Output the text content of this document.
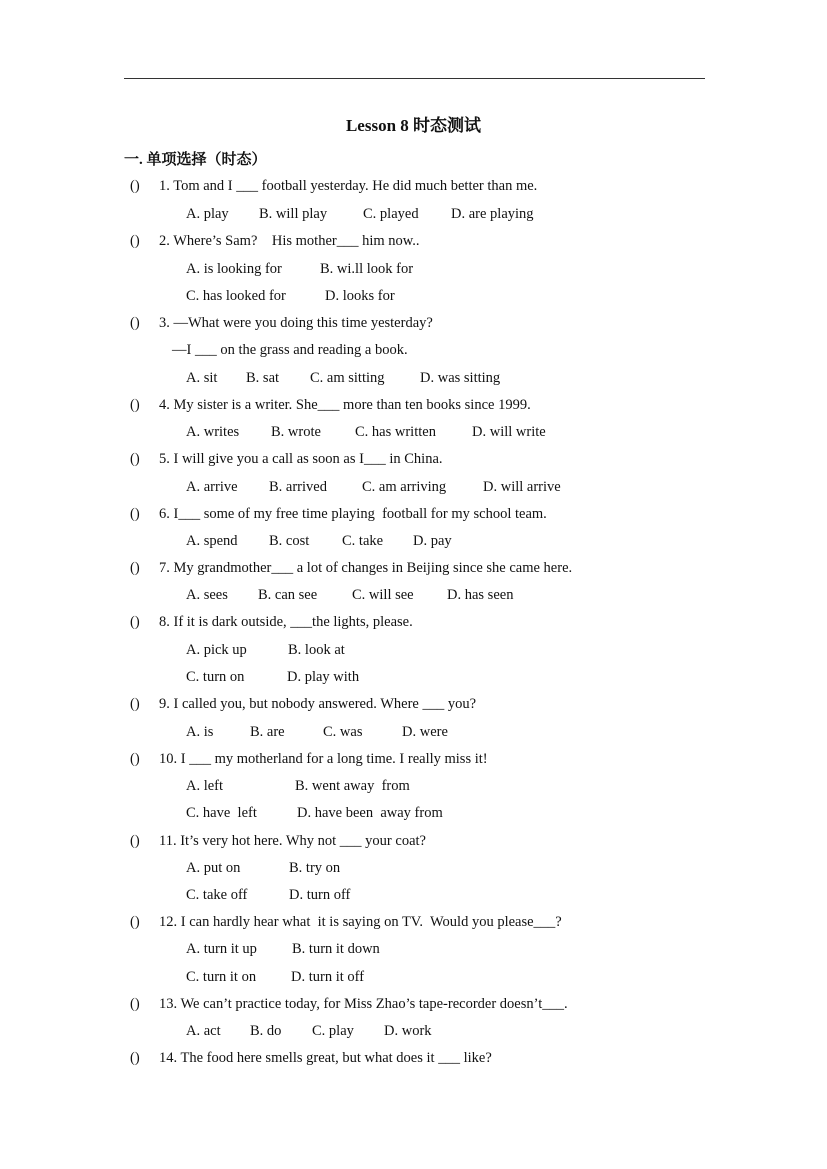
Lesson 8 时态测试
一. 单项选择（时态）
() 1. Tom and I ___ football yesterday. He did much better than me.
A. play B. will play C. played D. are playing
() 2. Where’s Sam?    His mother___ him now..
A. is looking for	B. wi.ll look for
C. has looked for	D. looks for
() 3. —What were you doing this time yesterday?
—I ___ on the grass and reading a book.
A. sit B. sat C. am sitting D. was sitting
() 4. My sister is a writer. She___ more than ten books since 1999.
A. writes B. wrote C. has written D. will write
() 5. I will give you a call as soon as I___ in China.
A. arrive B. arrived C. am arriving	D. will arrive
() 6. I___ some of my free time playing  football for my school team.
A. spend B. cost C. take D. pay
() 7. My grandmother___ a lot of changes in Beijing since she came here.
A. sees B. can see C. will see D. has seen
() 8. If it is dark outside, ___the lights, please.
A. pick up	B. look at
C. turn on	D. play with
() 9. I called you, but nobody answered. Where ___ you?
A. is	B. are	C. was	D. were
() 10. I ___ my motherland for a long time. I really miss it!
A. left	B. went away  from
C. have  left	D. have been  away from
() 11. It’s very hot here. Why not ___ your coat?
A. put on	B. try on
C. take off	D. turn off
() 12. I can hardly hear what  it is saying on TV.  Would you please___?
A. turn it up B. turn it down
C. turn it on D. turn it off
() 13. We can’t practice today, for Miss Zhao’s tape-recorder doesn’t___.
A. act B. do C. play D. work
() 14. The food here smells great, but what does it ___ like?
